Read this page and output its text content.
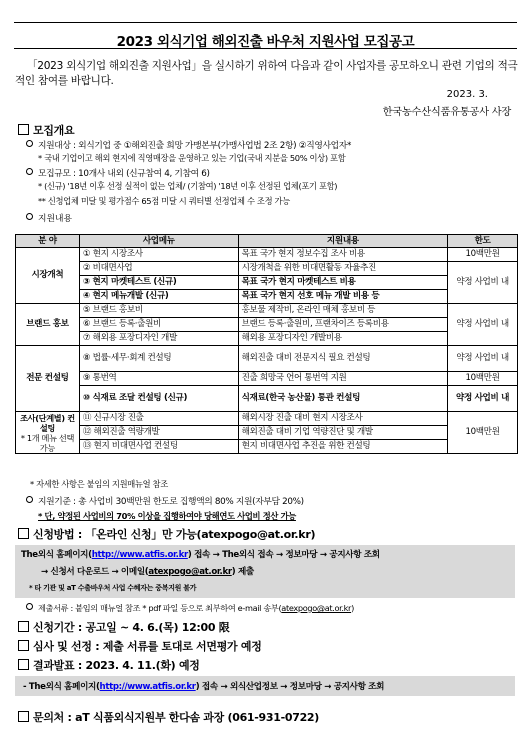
2023 외식기업 해외진출 바우처 지원사업 모집공고
「2023 외식기업 해외진출 지원사업」을 실시하기 위하여 다음과 같이 사업자를 공모하오니 관련 기업의 적극적인 참여를 바랍니다.
2023. 3.
한국농수산식품유통공사 사장
모집개요
지원대상 : 외식기업 중 ①해외진출 희망 가맹본부(가맹사업법 2조 2항) ②직영사업자*
* 국내 기업이고 해외 현지에 직영매장을 운영하고 있는 기업(국내 지분을 50% 이상) 포함
모집규모 : 10개사 내외 (신규참여 4, 기참여 6)
* (신규) '18년 이후 선정 실적이 없는 업체/ (기참여) '18년 이후 선정된 업체(포기 포함)
** 신청업체 미달 및 평가점수 65점 미달 시 쿼터별 선정업체 수 조정 가능
지원내용
분 야	사업메뉴	지원내용	한도
시장개척	① 현지 시장조사	목표 국가 현지 정보수집 조사 비용	10백만원
	② 비대면사업	시장개척을 위한 비대면활동 자율추진	약정 사업비 내
	③ 현지 마켓테스트 (신규)	목표 국가 현지 마켓테스트 비용	
	④ 현지 메뉴개발 (신규)	목표 국가 현지 선호 메뉴 개발 비용 등	
브랜드 홍보	⑤ 브랜드 홍보비	홍보물 제작비, 온라인 매체 홍보비 등	약정 사업비 내
	⑥ 브랜드 등록·출원비	브랜드 등록·출원비, 프랜차이즈 등록비용	
	⑦ 해외용 포장디자인 개발	해외용 포장디자인 개발비용	
전문 컨설팅	⑧ 법률·세무·회계 컨설팅	해외진출 대비 전문지식 필요 컨설팅	약정 사업비 내
	⑨ 통번역	진출 희망국 언어 통번역 지원	10백만원
	⑩ 식재료 조달 컨설팅 (신규)	식재료(한국 농산물) 통관 컨설팅	약정 사업비 내

조사(단계별) 컨설팅
* 1개 메뉴 선택 가능	⑪ 신규시장 진출	해외시장 진출 대비 현지 시장조사	10백만원
	⑫ 해외진출 역량개발	해외진출 대비 기업 역량진단 및 개발	
	⑬ 현지 비대면사업 컨설팅	현지 비대면사업 추진을 위한 컨설팅	
* 자세한 사항은 붙임의 지원매뉴얼 참조
지원기준 : 총 사업비 30백만원 한도로 집행액의 80% 지원(자부담 20%)
* 단, 약정된 사업비의 70% 이상을 집행하여야 당해연도 사업비 정산 가능
신청방법 : 「온라인 신청」만 가능(atexpogo@at.or.kr)
The외식 홈페이지(http://www.atfis.or.kr) 접속 → The외식 접속 → 정보마당 → 공지사항 조회
→ 신청서 다운로드 → 이메일(atexpogo@at.or.kr) 제출
* 타 기관 및 aT 수출바우처 사업 수혜자는 중복지원 불가
제출서류 : 붙임의 매뉴얼 참조 * pdf 파일 등으로 최부하여 e-mail 송부(atexpogo@at.or.kr)
신청기간 : 공고일 ~ 4. 6.(목) 12:00 限
심사 및 선정 : 제출 서류를 토대로 서면평가 예정
결과발표 : 2023. 4. 11.(화) 예정
- The외식 홈페이지(http://www.atfis.or.kr) 접속 → 외식산업정보 → 정보마당 → 공지사항 조회
문의처 : aT 식품외식지원부 한다솜 과장 (061-931-0722)
